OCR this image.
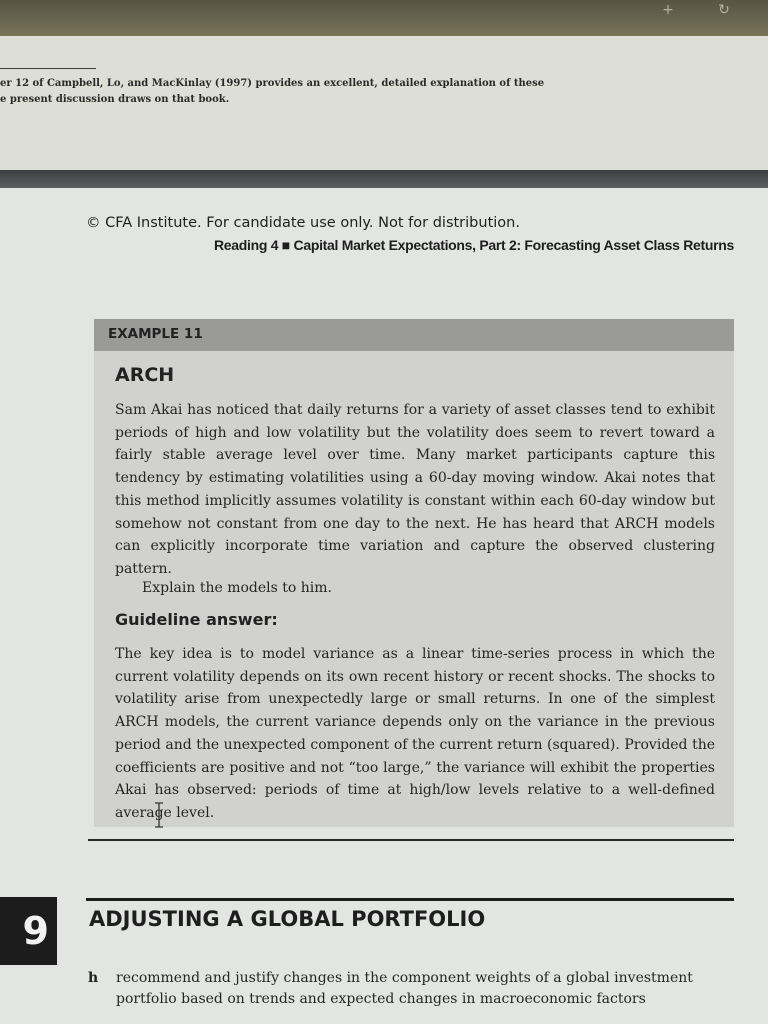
+	↻
er 12 of Campbell, Lo, and MacKinlay (1997) provides an excellent, detailed explanation of these
e present discussion draws on that book.
© CFA Institute. For candidate use only. Not for distribution.
Reading 4 ■ Capital Market Expectations, Part 2: Forecasting Asset Class Returns
EXAMPLE 11
ARCH

Sam Akai has noticed that daily returns for a variety of asset classes tend to exhibit periods of high and low volatility but the volatility does seem to revert toward a fairly stable average level over time. Many market participants capture this tendency by estimating volatilities using a 60-day moving window. Akai notes that this method implicitly assumes volatility is constant within each 60-day window but somehow not constant from one day to the next. He has heard that ARCH models can explicitly incorporate time variation and capture the observed clustering pattern.

Explain the models to him.

Guideline answer:

The key idea is to model variance as a linear time-series process in which the current volatility depends on its own recent history or recent shocks. The shocks to volatility arise from unexpectedly large or small returns. In one of the simplest ARCH models, the current variance depends only on the variance in the previous period and the unexpected component of the current return (squared). Provided the coefficients are positive and not “too large,” the variance will exhibit the properties Akai has observed: periods of time at high/low levels relative to a well-defined average level.

9	ADJUSTING A GLOBAL PORTFOLIO
h recommend and justify changes in the component weights of a global investment portfolio based on trends and expected changes in macroeconomic factors
